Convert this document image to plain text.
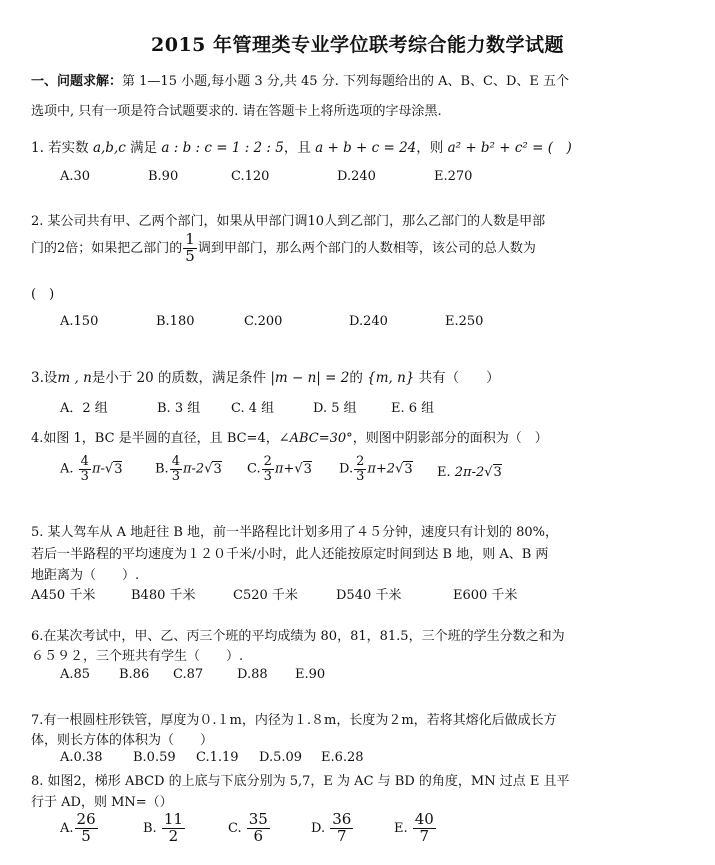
2015 年管理类专业学位联考综合能力数学试题
一、问题求解：第 1—15 小题,每小题 3 分,共 45 分. 下列每题给出的 A、B、C、D、E 五个
选项中, 只有一项是符合试题要求的. 请在答题卡上将所选项的字母涂黑.
1. 若实数 a,b,c 满足 a : b : c = 1 : 2 : 5，且 a + b + c = 24，则 a² + b² + c² = (　)
A.30	B.90	C.120	D.240	E.270
2. 某公司共有甲、乙两个部门，如果从甲部门调10人到乙部门，那么乙部门的人数是甲部
门的2倍；如果把乙部门的 $\frac{1}{5}$ 调到甲部门，那么两个部门的人数相等，该公司的总人数为
(　)
A.150	B.180	C.200	D.240	E.250
3.设m , n是小于 20 的质数，满足条件 |m − n| = 2的 {m, n} 共有（　　）
A．2 组	B. 3 组 C. 4 组	D. 5 组	E. 6 组
4.如图 1，BC 是半圆的直径，且 BC=4，∠ABC=30°，则图中阴影部分的面积为（　）
A. $\frac{4}{3} \pi-√3$	B. $\frac{4}{3} \pi-2√3$ C. $\frac{2}{3} \pi+√3$ D. $\frac{2}{3} \pi+2√3$ E. 2π-2√3
5. 某人驾车从 A 地赶往 B 地，前一半路程比计划多用了４５分钟，速度只有计划的 80%，
若后一半路程的平均速度为１２０千米/小时，此人还能按原定时间到达 B 地，则 A、B 两
地距离为（　　）.
A450 千米	B480 千米	C520 千米	D540 千米	E600 千米
6.在某次考试中，甲、乙、丙三个班的平均成绩为 80，81，81.5，三个班的学生分数之和为
６５９２，三个班共有学生（　　）.
A.85 B.86 C.87	D.88 E.90
7.有一根圆柱形铁管，厚度为０.１m，内径为１.８m，长度为２m，若将其熔化后做成长方
体，则长方体的体积为（　　）
A.0.38 B.0.59 C.1.19 D.5.09 E.6.28
8. 如图2，梯形 ABCD 的上底与下底分别为 5,7，E 为 AC 与 BD 的角度，MN 过点 E 且平
行于 AD，则 MN=（）
A. $\frac{26}{5}$	B. $\frac{11}{2}$	C. $\frac{35}{6}$	D. $\frac{36}{7}$	E. $\frac{40}{7}$
